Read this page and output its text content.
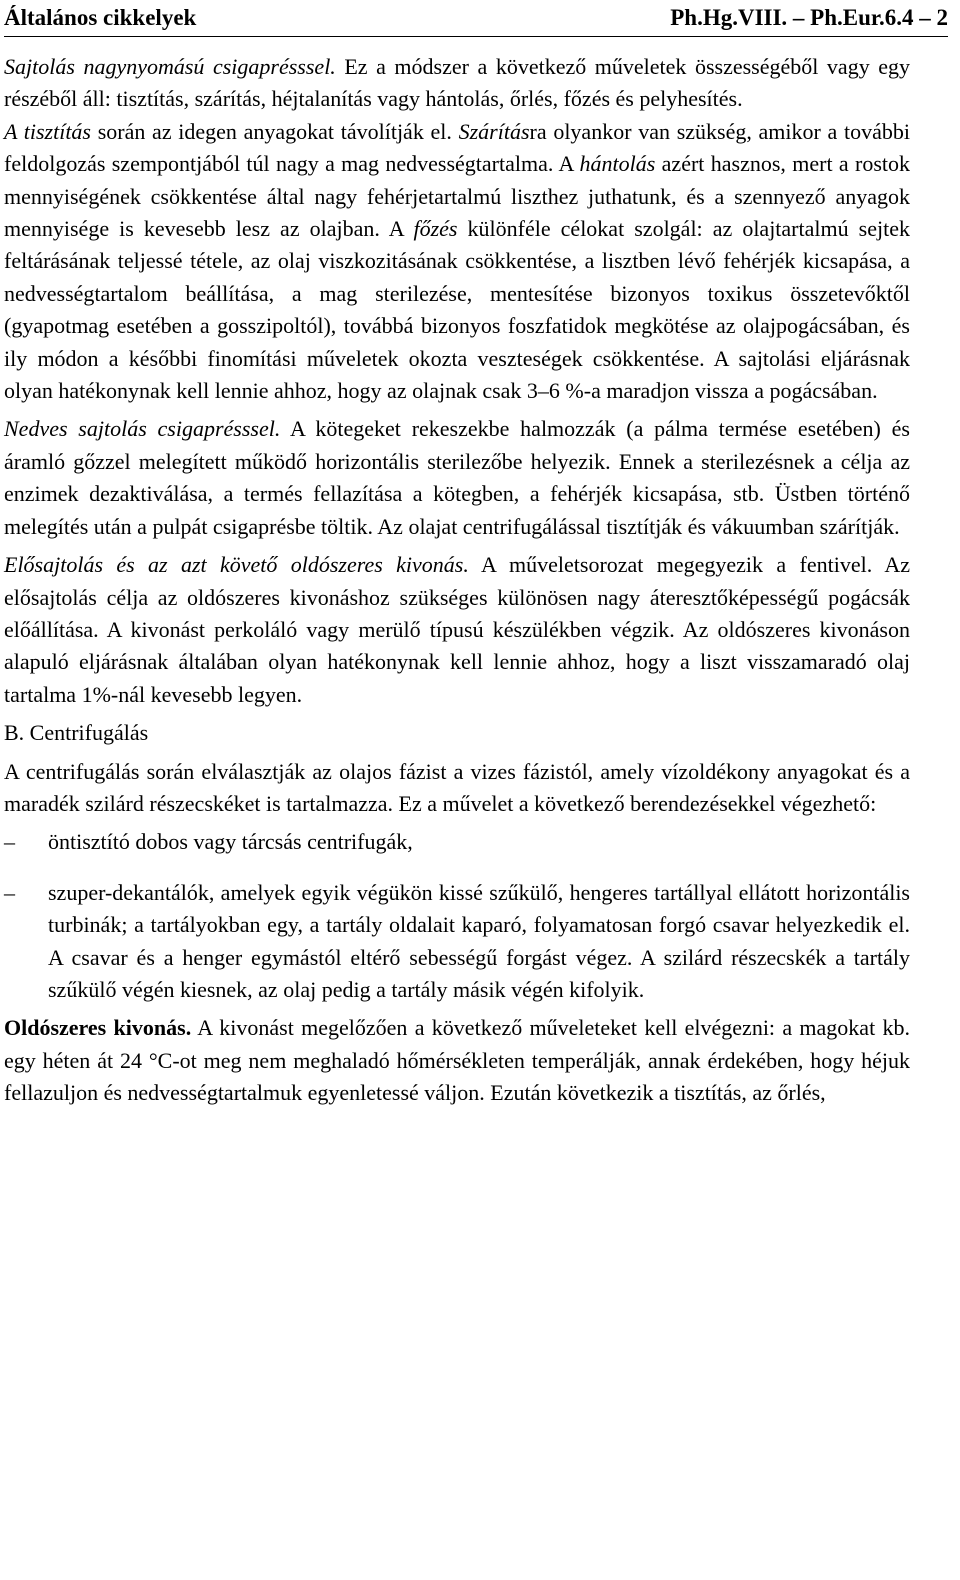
Általános cikkelyek	Ph.Hg.VIII. – Ph.Eur.6.4 – 2

Sajtolás nagynyomású csigaprésssel. Ez a módszer a következő műveletek összességéből vagy egy részéből áll: tisztítás, szárítás, héjtalanítás vagy hántolás, őrlés, főzés és pelyhesítés.

A tisztítás során az idegen anyagokat távolítják el. Szárításra olyankor van szükség, amikor a további feldolgozás szempontjából túl nagy a mag nedvességtartalma. A hántolás azért hasznos, mert a rostok mennyiségének csökkentése által nagy fehérjetartalmú liszthez juthatunk, és a szennyező anyagok mennyisége is kevesebb lesz az olajban. A főzés különféle célokat szolgál: az olajtartalmú sejtek feltárásának teljessé tétele, az olaj viszkozitásának csökkentése, a lisztben lévő fehérjék kicsapása, a nedvességtartalom beállítása, a mag sterilezése, mentesítése bizonyos toxikus összetevőktől (gyapotmag esetében a gosszipoltól), továbbá bizonyos foszfatidok megkötése az olajpogácsában, és ily módon a későbbi finomítási műveletek okozta veszteségek csökkentése. A sajtolási eljárásnak olyan hatékonynak kell lennie ahhoz, hogy az olajnak csak 3–6 %-a maradjon vissza a pogácsában.

Nedves sajtolás csigaprésssel. A kötegeket rekeszekbe halmozzák (a pálma termése esetében) és áramló gőzzel melegített működő horizontális sterilezőbe helyezik. Ennek a sterilezésnek a célja az enzimek dezaktiválása, a termés fellazítása a kötegben, a fehérjék kicsapása, stb. Üstben történő melegítés után a pulpát csigaprésbe töltik. Az olajat centrifugálással tisztítják és vákuumban szárítják.

Elősajtolás és az azt követő oldószeres kivonás. A műveletsorozat megegyezik a fentivel. Az elősajtolás célja az oldószeres kivonáshoz szükséges különösen nagy áteresztőképességű pogácsák előállítása. A kivonást perkoláló vagy merülő típusú készülékben végzik. Az oldószeres kivonáson alapuló eljárásnak általában olyan hatékonynak kell lennie ahhoz, hogy a liszt visszamaradó olaj tartalma 1%-nál kevesebb legyen.

B. Centrifugálás

A centrifugálás során elválasztják az olajos fázist a vizes fázistól, amely vízoldékony anyagokat és a maradék szilárd részecskéket is tartalmazza. Ez a művelet a következő berendezésekkel végezhető:

– öntisztító dobos vagy tárcsás centrifugák,
– szuper-dekantálók, amelyek egyik végükön kissé szűkülő, hengeres tartállyal ellátott horizontális turbinák; a tartályokban egy, a tartály oldalait kaparó, folyamatosan forgó csavar helyezkedik el. A csavar és a henger egymástól eltérő sebességű forgást végez. A szilárd részecskék a tartály szűkülő végén kiesnek, az olaj pedig a tartály másik végén kifolyik.

Oldószeres kivonás. A kivonást megelőzően a következő műveleteket kell elvégezni: a magokat kb. egy héten át 24 °C-ot meg nem meghaladó hőmérsékleten temperálják, annak érdekében, hogy héjuk fellazuljon és nedvességtartalmuk egyenletessé váljon. Ezután következik a tisztítás, az őrlés,
